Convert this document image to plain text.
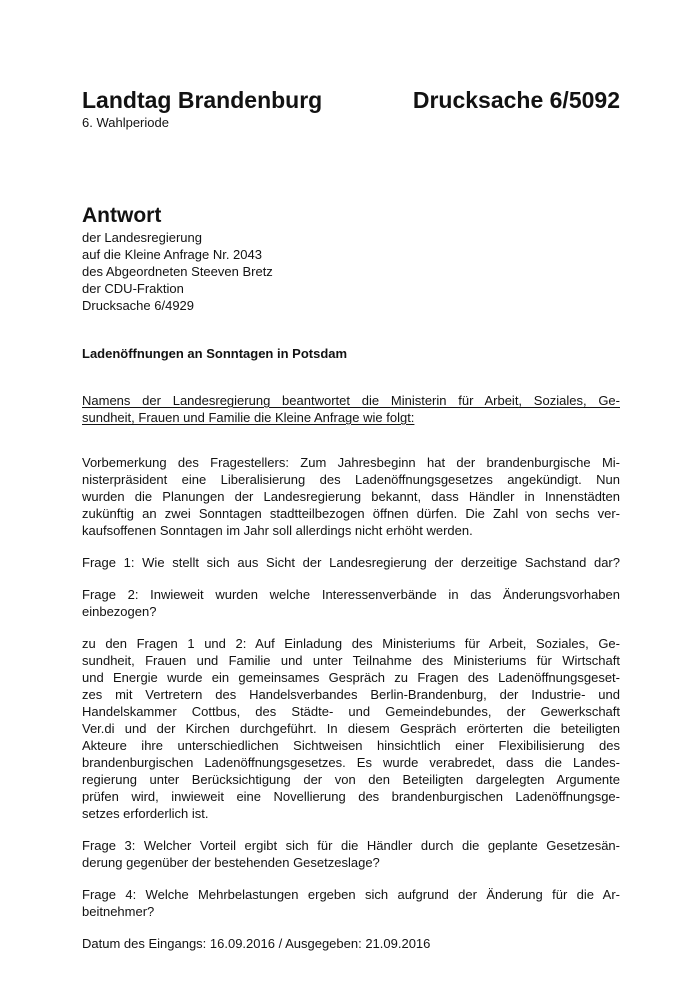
Landtag Brandenburg	Drucksache 6/5092
6. Wahlperiode
Antwort
der Landesregierung
auf die Kleine Anfrage Nr. 2043
des Abgeordneten Steeven Bretz
der CDU-Fraktion
Drucksache 6/4929
Ladenöffnungen an Sonntagen in Potsdam
Namens der Landesregierung beantwortet die Ministerin für Arbeit, Soziales, Ge-
sundheit, Frauen und Familie die Kleine Anfrage wie folgt:
Vorbemerkung des Fragestellers: Zum Jahresbeginn hat der brandenburgische Mi-
nisterpräsident eine Liberalisierung des Ladenöffnungsgesetzes angekündigt. Nun
wurden die Planungen der Landesregierung bekannt, dass Händler in Innenstädten
zukünftig an zwei Sonntagen stadtteilbezogen öffnen dürfen. Die Zahl von sechs ver-
kaufsoffenen Sonntagen im Jahr soll allerdings nicht erhöht werden.
Frage 1: Wie stellt sich aus Sicht der Landesregierung der derzeitige Sachstand dar?
Frage 2: Inwieweit wurden welche Interessenverbände in das Änderungsvorhaben
einbezogen?
zu den Fragen 1 und 2: Auf Einladung des Ministeriums für Arbeit, Soziales, Ge-
sundheit, Frauen und Familie und unter Teilnahme des Ministeriums für Wirtschaft
und Energie wurde ein gemeinsames Gespräch zu Fragen des Ladenöffnungsgeset-
zes mit Vertretern des Handelsverbandes Berlin-Brandenburg, der Industrie- und
Handelskammer Cottbus, des Städte- und Gemeindebundes, der Gewerkschaft
Ver.di und der Kirchen durchgeführt. In diesem Gespräch erörterten die beteiligten
Akteure ihre unterschiedlichen Sichtweisen hinsichtlich einer Flexibilisierung des
brandenburgischen Ladenöffnungsgesetzes. Es wurde verabredet, dass die Landes-
regierung unter Berücksichtigung der von den Beteiligten dargelegten Argumente
prüfen wird, inwieweit eine Novellierung des brandenburgischen Ladenöffnungsge-
setzes erforderlich ist.
Frage 3: Welcher Vorteil ergibt sich für die Händler durch die geplante Gesetzesän-
derung gegenüber der bestehenden Gesetzeslage?
Frage 4: Welche Mehrbelastungen ergeben sich aufgrund der Änderung für die Ar-
beitnehmer?
Datum des Eingangs: 16.09.2016 / Ausgegeben: 21.09.2016
